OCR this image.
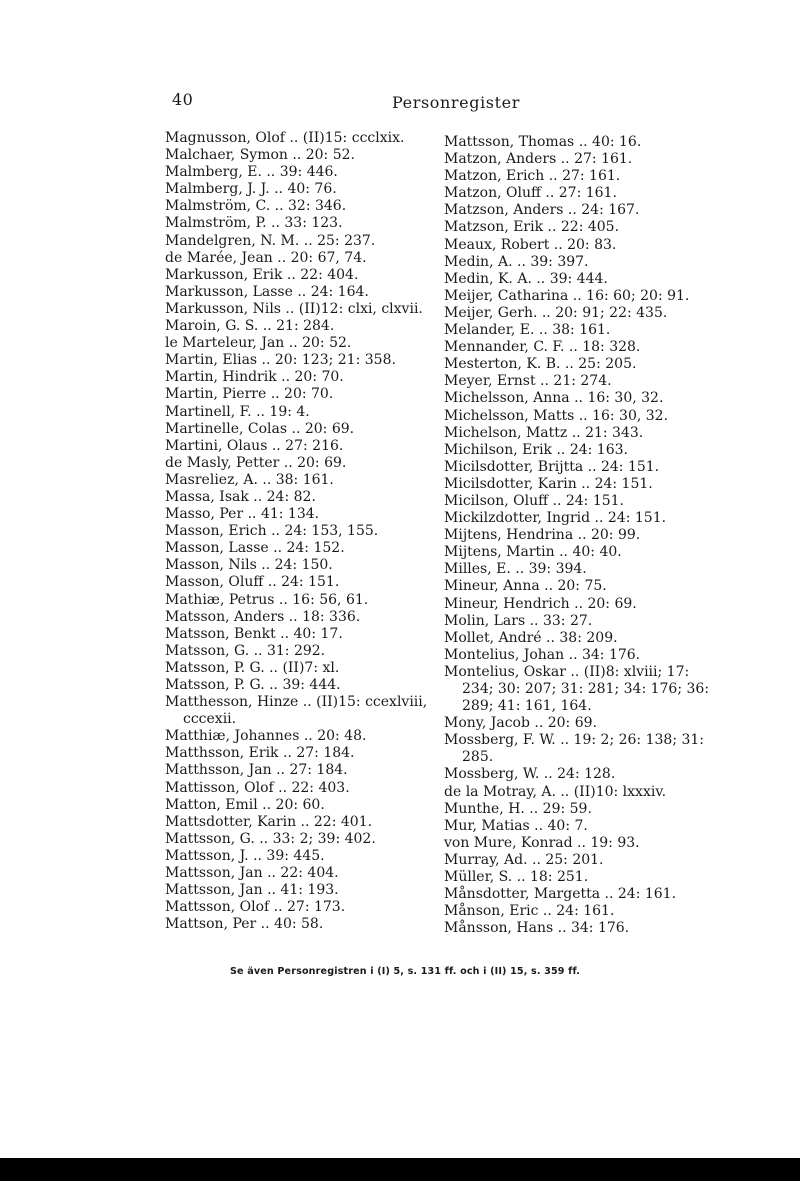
40	Personregister
Magnusson, Olof .. (II)15: ccclxix.
Malchaer, Symon .. 20: 52.
Malmberg, E. .. 39: 446.
Malmberg, J. J. .. 40: 76.
Malmström, C. .. 32: 346.
Malmström, P. .. 33: 123.
Mandelgren, N. M. .. 25: 237.
de Marée, Jean .. 20: 67, 74.
Markusson, Erik .. 22: 404.
Markusson, Lasse .. 24: 164.
Markusson, Nils .. (II)12: clxi, clxvii.
Maroin, G. S. .. 21: 284.
le Marteleur, Jan .. 20: 52.
Martin, Elias .. 20: 123; 21: 358.
Martin, Hindrik .. 20: 70.
Martin, Pierre .. 20: 70.
Martinell, F. .. 19: 4.
Martinelle, Colas .. 20: 69.
Martini, Olaus .. 27: 216.
de Masly, Petter .. 20: 69.
Masreliez, A. .. 38: 161.
Massa, Isak .. 24: 82.
Masso, Per .. 41: 134.
Masson, Erich .. 24: 153, 155.
Masson, Lasse .. 24: 152.
Masson, Nils .. 24: 150.
Masson, Oluff .. 24: 151.
Mathiæ, Petrus .. 16: 56, 61.
Matsson, Anders .. 18: 336.
Matsson, Benkt .. 40: 17.
Matsson, G. .. 31: 292.
Matsson, P. G. .. (II)7: xl.
Matsson, P. G. .. 39: 444.
Matthesson, Hinze .. (II)15: ccexlviii, cccexii.
Matthiæ, Johannes .. 20: 48.
Matthsson, Erik .. 27: 184.
Matthsson, Jan .. 27: 184.
Mattisson, Olof .. 22: 403.
Matton, Emil .. 20: 60.
Mattsdotter, Karin .. 22: 401.
Mattsson, G. .. 33: 2; 39: 402.
Mattsson, J. .. 39: 445.
Mattsson, Jan .. 22: 404.
Mattsson, Jan .. 41: 193.
Mattsson, Olof .. 27: 173.
Mattson, Per .. 40: 58.
Mattsson, Thomas .. 40: 16.
Matzon, Anders .. 27: 161.
Matzon, Erich .. 27: 161.
Matzon, Oluff .. 27: 161.
Matzson, Anders .. 24: 167.
Matzson, Erik .. 22: 405.
Meaux, Robert .. 20: 83.
Medin, A. .. 39: 397.
Medin, K. A. .. 39: 444.
Meijer, Catharina .. 16: 60; 20: 91.
Meijer, Gerh. .. 20: 91; 22: 435.
Melander, E. .. 38: 161.
Mennander, C. F. .. 18: 328.
Mesterton, K. B. .. 25: 205.
Meyer, Ernst .. 21: 274.
Michelsson, Anna .. 16: 30, 32.
Michelsson, Matts .. 16: 30, 32.
Michelson, Mattz .. 21: 343.
Michilson, Erik .. 24: 163.
Micilsdotter, Brijtta .. 24: 151.
Micilsdotter, Karin .. 24: 151.
Micilson, Oluff .. 24: 151.
Mickilzdotter, Ingrid .. 24: 151.
Mijtens, Hendrina .. 20: 99.
Mijtens, Martin .. 40: 40.
Milles, E. .. 39: 394.
Mineur, Anna .. 20: 75.
Mineur, Hendrich .. 20: 69.
Molin, Lars .. 33: 27.
Mollet, André .. 38: 209.
Montelius, Johan .. 34: 176.
Montelius, Oskar .. (II)8: xlviii; 17: 234; 30: 207; 31: 281; 34: 176; 36: 289; 41: 161, 164.
Mony, Jacob .. 20: 69.
Mossberg, F. W. .. 19: 2; 26: 138; 31: 285.
Mossberg, W. .. 24: 128.
de la Motray, A. .. (II)10: lxxxiv.
Munthe, H. .. 29: 59.
Mur, Matias .. 40: 7.
von Mure, Konrad .. 19: 93.
Murray, Ad. .. 25: 201.
Müller, S. .. 18: 251.
Månsdotter, Margetta .. 24: 161.
Månson, Eric .. 24: 161.
Månsson, Hans .. 34: 176.
Se även Personregistren i (I) 5, s. 131 ff. och i (II) 15, s. 359 ff.
